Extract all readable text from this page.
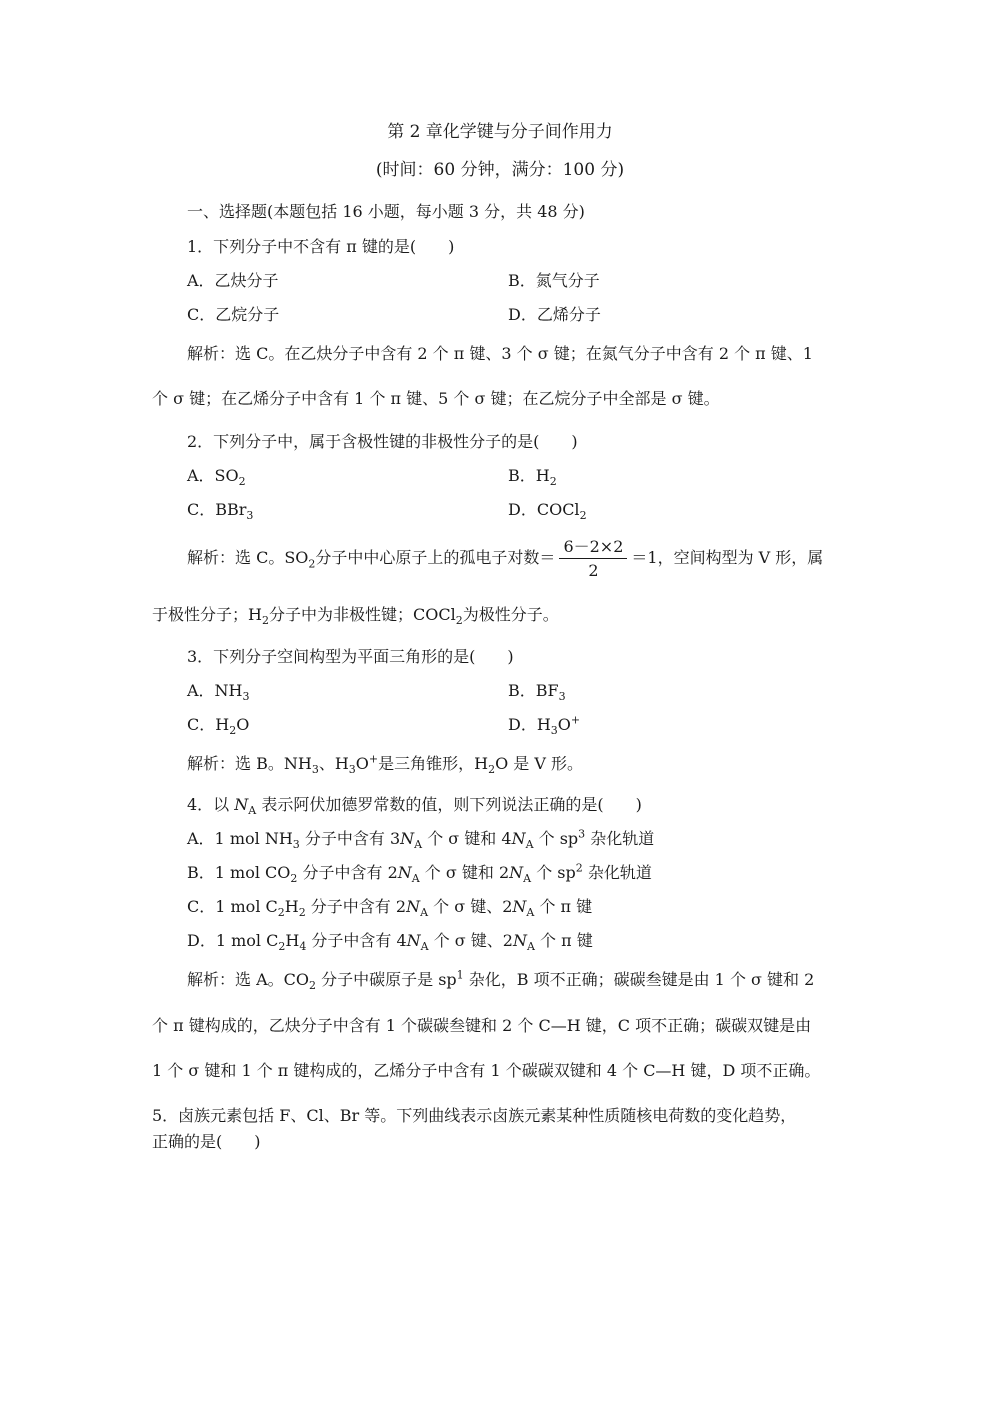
第 2 章化学键与分子间作用力
(时间：60 分钟，满分：100 分)
一、选择题(本题包括 16 小题，每小题 3 分，共 48 分)
1．下列分子中不含有 π 键的是(　　)
A．乙炔分子	B．氮气分子
C．乙烷分子	D．乙烯分子
解析：选 C。在乙炔分子中含有 2 个 π 键、3 个 σ 键；在氮气分子中含有 2 个 π 键、1
个 σ 键；在乙烯分子中含有 1 个 π 键、5 个 σ 键；在乙烷分子中全部是 σ 键。
2．下列分子中，属于含极性键的非极性分子的是(　　)
A．$SO_2$	B．$H_2$
C．BBr$_3$	D．COCl$_2$
解析：选 C。$SO_2$分子中中心原子上的孤电子对数＝ $\frac{6-2\times 2}{2} =1$，空间构型为 V 形，属
于极性分子；$H_2$分子中为非极性键；COCl$_2$为极性分子。
3．下列分子空间构型为平面三角形的是(　　)
A．$NH_3$	B．$BF_3$
C．$H_2O$	D．$H_3O^+$
解析：选 B。$NH_3$、$H_3O^+$是三角锥形，$H_2O$ 是 V 形。
4．以 $N_A$ 表示阿伏加德罗常数的值，则下列说法正确的是(　　)
A．1 mol $NH_3$ 分子中含有 $3N_A$ 个 σ 键和 $4N_A$ 个 $sp^3$ 杂化轨道
B．1 mol $CO_2$ 分子中含有 $2N_A$ 个 σ 键和 $2N_A$ 个 $sp^2$ 杂化轨道
C．1 mol $C_2H_2$ 分子中含有 $2N_A$ 个 σ 键、$2N_A$ 个 π 键
D．1 mol $C_2H_4$ 分子中含有 $4N_A$ 个 σ 键、$2N_A$ 个 π 键
解析：选 A。$CO_2$ 分子中碳原子是 $sp^1$ 杂化，B 项不正确；碳碳叁键是由 1 个 σ 键和 2
个 π 键构成的，乙炔分子中含有 1 个碳碳叁键和 2 个 C—H 键，C 项不正确；碳碳双键是由
1 个 σ 键和 1 个 π 键构成的，乙烯分子中含有 1 个碳碳双键和 4 个 C—H 键，D 项不正确。
5．卤族元素包括 F、Cl、Br 等。下列曲线表示卤族元素某种性质随核电荷数的变化趋势，
正确的是(　　)
